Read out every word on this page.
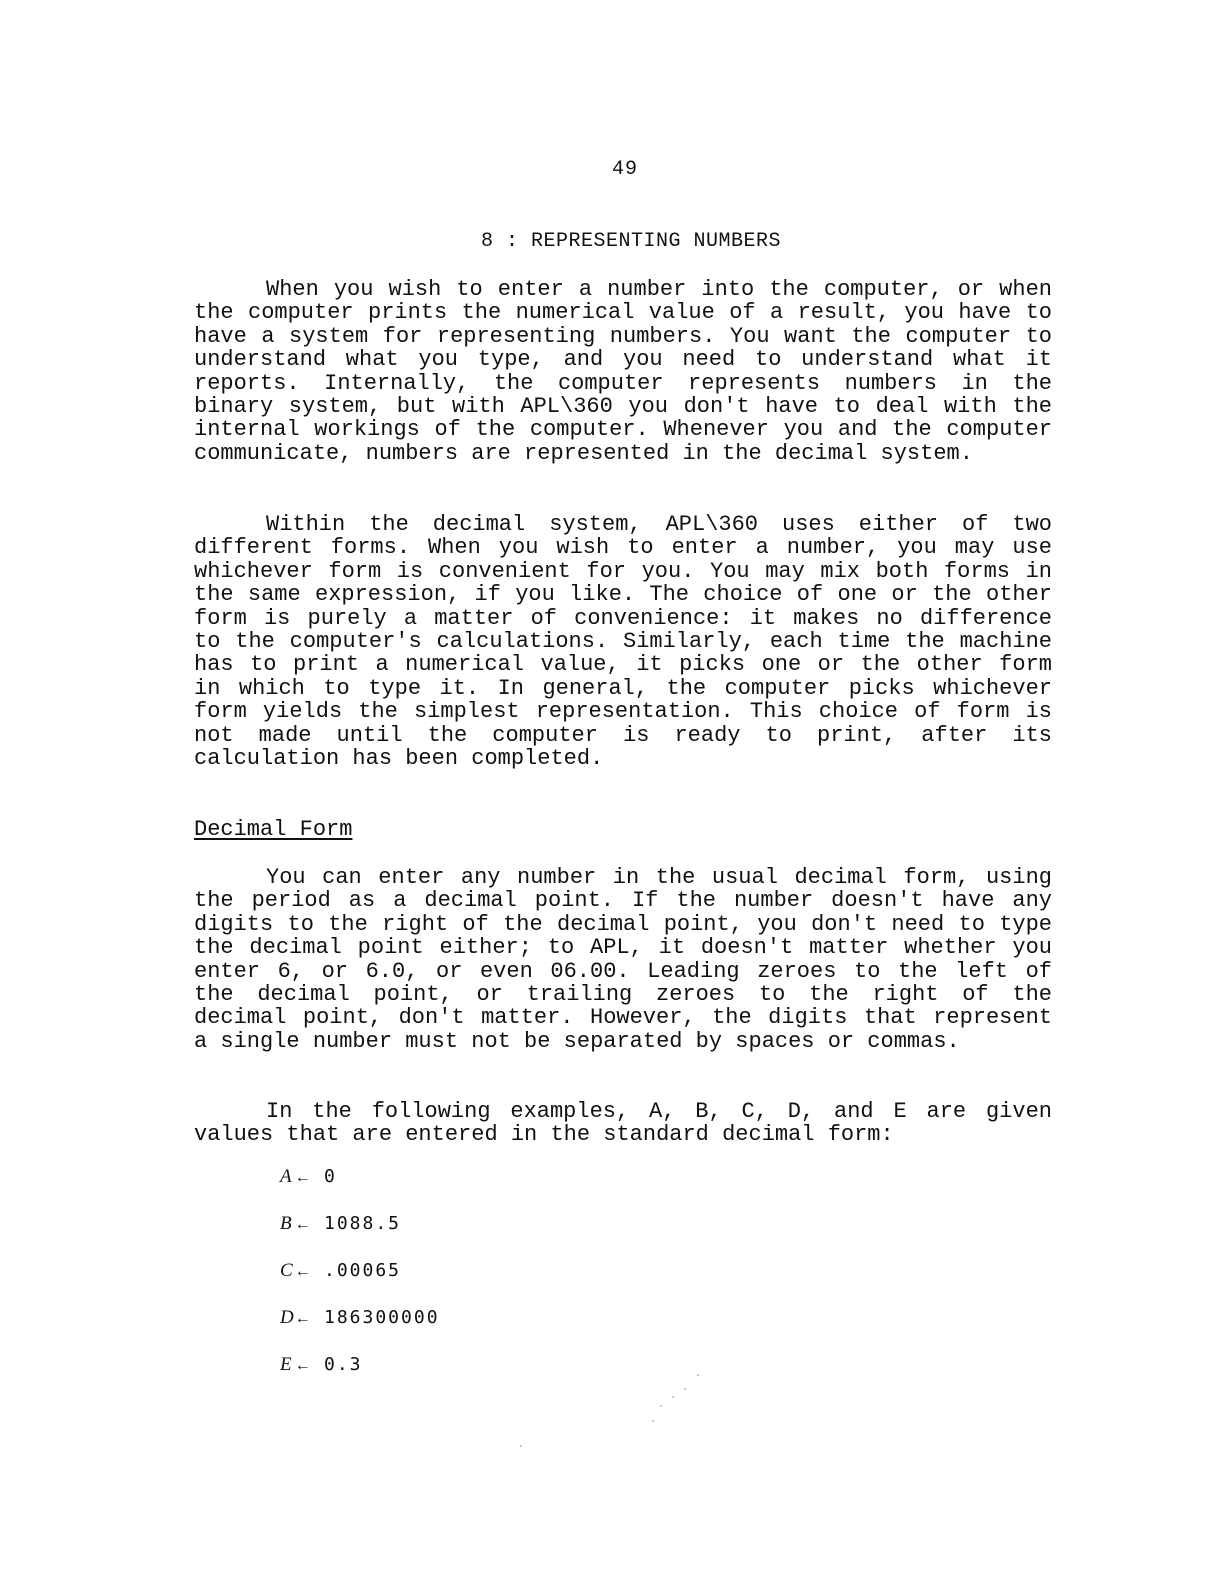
49
8 : REPRESENTING NUMBERS

When you wish to enter a number into the computer, or when the computer prints the numerical value of a result, you have to have a system for representing numbers. You want the computer to understand what you type, and you need to understand what it reports. Internally, the computer represents numbers in the binary system, but with APL\360 you don't have to deal with the internal workings of the computer. Whenever you and the computer communicate, numbers are represented in the decimal system.

Within the decimal system, APL\360 uses either of two different forms. When you wish to enter a number, you may use whichever form is convenient for you. You may mix both forms in the same expression, if you like. The choice of one or the other form is purely a matter of convenience: it makes no difference to the computer's calculations. Similarly, each time the machine has to print a numerical value, it picks one or the other form in which to type it. In general, the computer picks whichever form yields the simplest representation. This choice of form is not made until the computer is ready to print, after its calculation has been completed.

Decimal Form

You can enter any number in the usual decimal form, using the period as a decimal point. If the number doesn't have any digits to the right of the decimal point, you don't need to type the decimal point either; to APL, it doesn't matter whether you enter 6, or 6.0, or even 06.00. Leading zeroes to the left of the decimal point, or trailing zeroes to the right of the decimal point, don't matter. However, the digits that represent a single number must not be separated by spaces or commas.

In the following examples, A, B, C, D, and E are given values that are entered in the standard decimal form:

A ← 0
B ← 1088.5
C ← .00065
D ← 186300000
E ← 0.3
